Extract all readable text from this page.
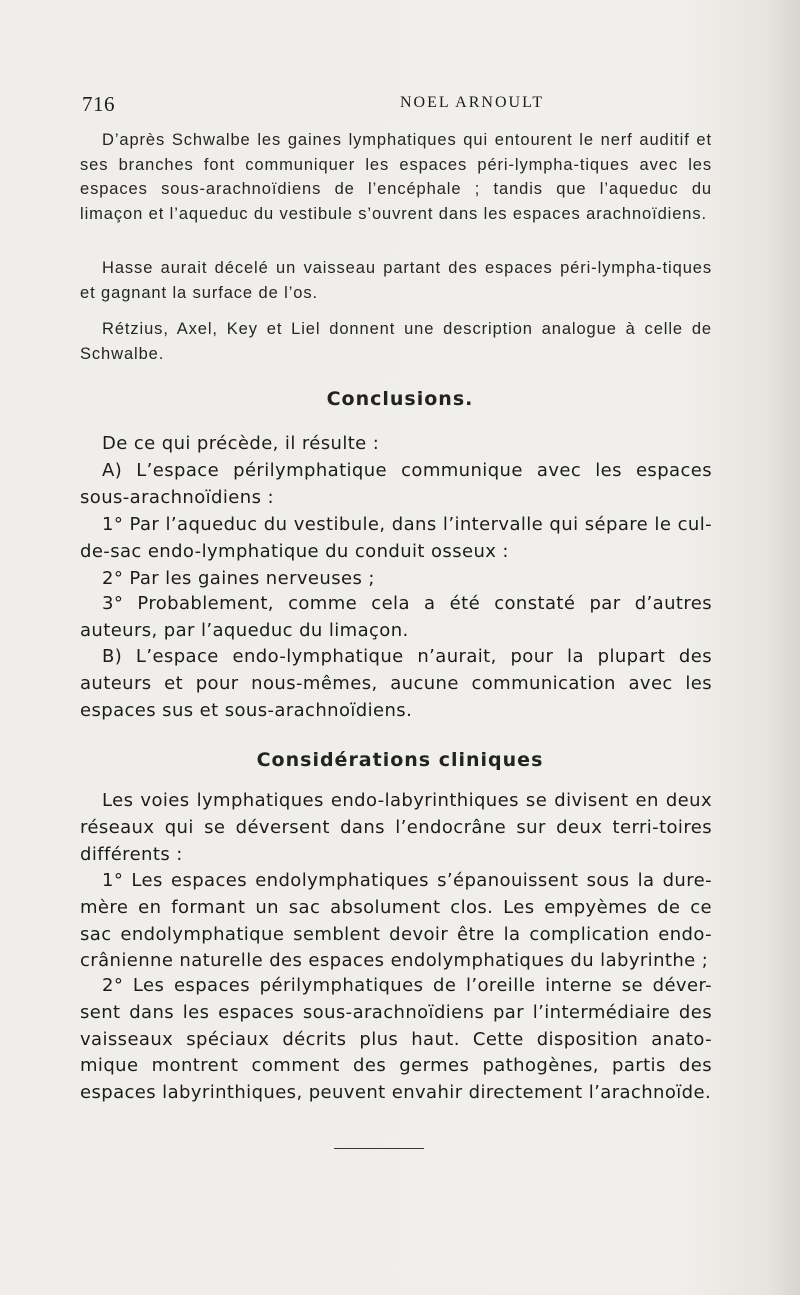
716	NOEL ARNOULT

D’après Schwalbe les gaines lymphatiques qui entourent le nerf auditif et ses branches font communiquer les espaces péri-lympha-tiques avec les espaces sous-arachnoïdiens de l’encéphale ; tandis que l’aqueduc du limaçon et l’aqueduc du vestibule s’ouvrent dans les espaces arachnoïdiens.

Hasse aurait décelé un vaisseau partant des espaces péri-lympha-tiques et gagnant la surface de l’os.

Rétzius, Axel, Key et Liel donnent une description analogue à celle de Schwalbe.

Conclusions.

De ce qui précède, il résulte :

A) L’espace périlymphatique communique avec les espaces sous-arachnoïdiens :

1° Par l’aqueduc du vestibule, dans l’intervalle qui sépare le cul-de-sac endo-lymphatique du conduit osseux :

2° Par les gaines nerveuses ;

3° Probablement, comme cela a été constaté par d’autres auteurs, par l’aqueduc du limaçon.

B) L’espace endo-lymphatique n’aurait, pour la plupart des auteurs et pour nous-mêmes, aucune communication avec les espaces sus et sous-arachnoïdiens.

Considérations cliniques

Les voies lymphatiques endo-labyrinthiques se divisent en deux réseaux qui se déversent dans l’endocrâne sur deux terri-toires différents :

1° Les espaces endolymphatiques s’épanouissent sous la dure-mère en formant un sac absolument clos. Les empyèmes de ce sac endolymphatique semblent devoir être la complication endo-crânienne naturelle des espaces endolymphatiques du labyrinthe ;

2° Les espaces périlymphatiques de l’oreille interne se déver-sent dans les espaces sous-arachnoïdiens par l’intermédiaire des vaisseaux spéciaux décrits plus haut. Cette disposition anato-mique montrent comment des germes pathogènes, partis des espaces labyrinthiques, peuvent envahir directement l’arachnoïde.
